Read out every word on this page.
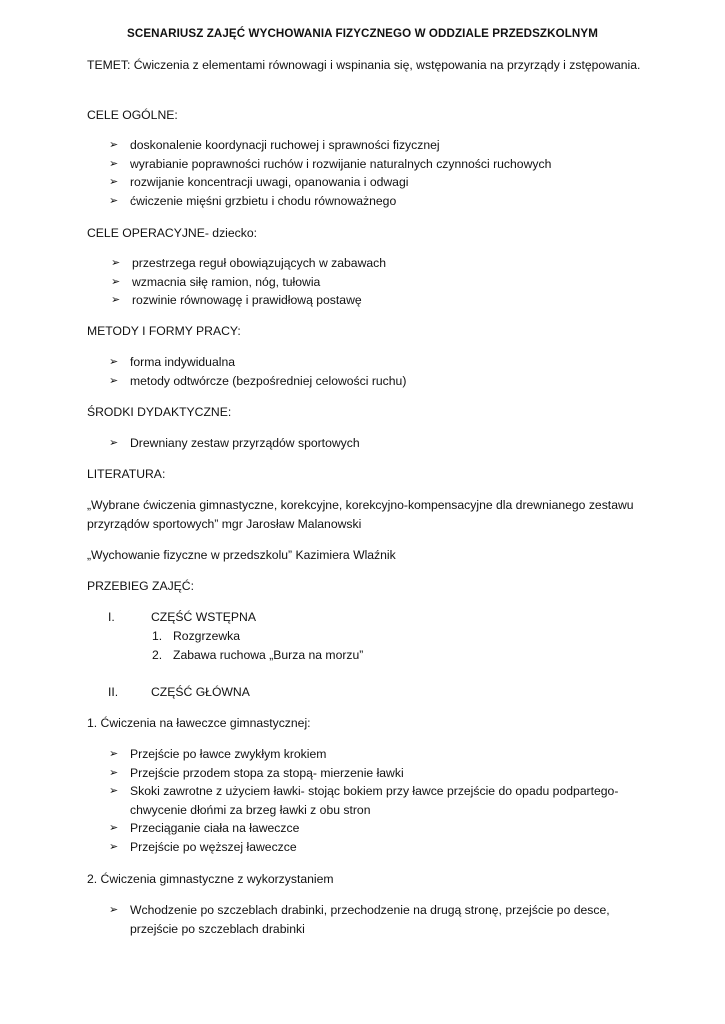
SCENARIUSZ ZAJĘĆ WYCHOWANIA FIZYCZNEGO W ODDZIALE PRZEDSZKOLNYM
TEMET: Ćwiczenia z elementami równowagi i wspinania się, wstępowania na przyrządy i zstępowania.
CELE OGÓLNE:
➢ doskonalenie koordynacji ruchowej i sprawności fizycznej
➢ wyrabianie poprawności ruchów i rozwijanie naturalnych czynności ruchowych
➢ rozwijanie koncentracji uwagi, opanowania i odwagi
➢ ćwiczenie mięśni grzbietu i chodu równoważnego
CELE OPERACYJNE- dziecko:
➢ przestrzega reguł obowiązujących w zabawach
➢ wzmacnia siłę ramion, nóg, tułowia
➢ rozwinie równowagę i prawidłową postawę
METODY I FORMY PRACY:
➢ forma indywidualna
➢ metody odtwórcze (bezpośredniej celowości ruchu)
ŚRODKI DYDAKTYCZNE:
➢ Drewniany zestaw przyrządów sportowych
LITERATURA:
„Wybrane ćwiczenia gimnastyczne, korekcyjne, korekcyjno-kompensacyjne dla drewnianego zestawu przyrządów sportowych” mgr Jarosław Malanowski
„Wychowanie fizyczne w przedszkolu” Kazimiera Wlaźnik
PRZEBIEG ZAJĘĆ:
I.	CZĘŚĆ WSTĘPNA
1. Rozgrzewka
2. Zabawa ruchowa „Burza na morzu”
II.	CZĘŚĆ GŁÓWNA
1. Ćwiczenia na ławeczce gimnastycznej:
➢ Przejście po ławce zwykłym krokiem
➢ Przejście przodem stopa za stopą- mierzenie ławki
➢ Skoki zawrotne z użyciem ławki- stojąc bokiem przy ławce przejście do opadu podpartego- chwycenie dłońmi za brzeg ławki z obu stron
➢ Przeciąganie ciała na ławeczce
➢ Przejście po węższej ławeczce
2. Ćwiczenia gimnastyczne z wykorzystaniem
➢ Wchodzenie po szczeblach drabinki, przechodzenie na drugą stronę, przejście po desce, przejście po szczeblach drabinki
